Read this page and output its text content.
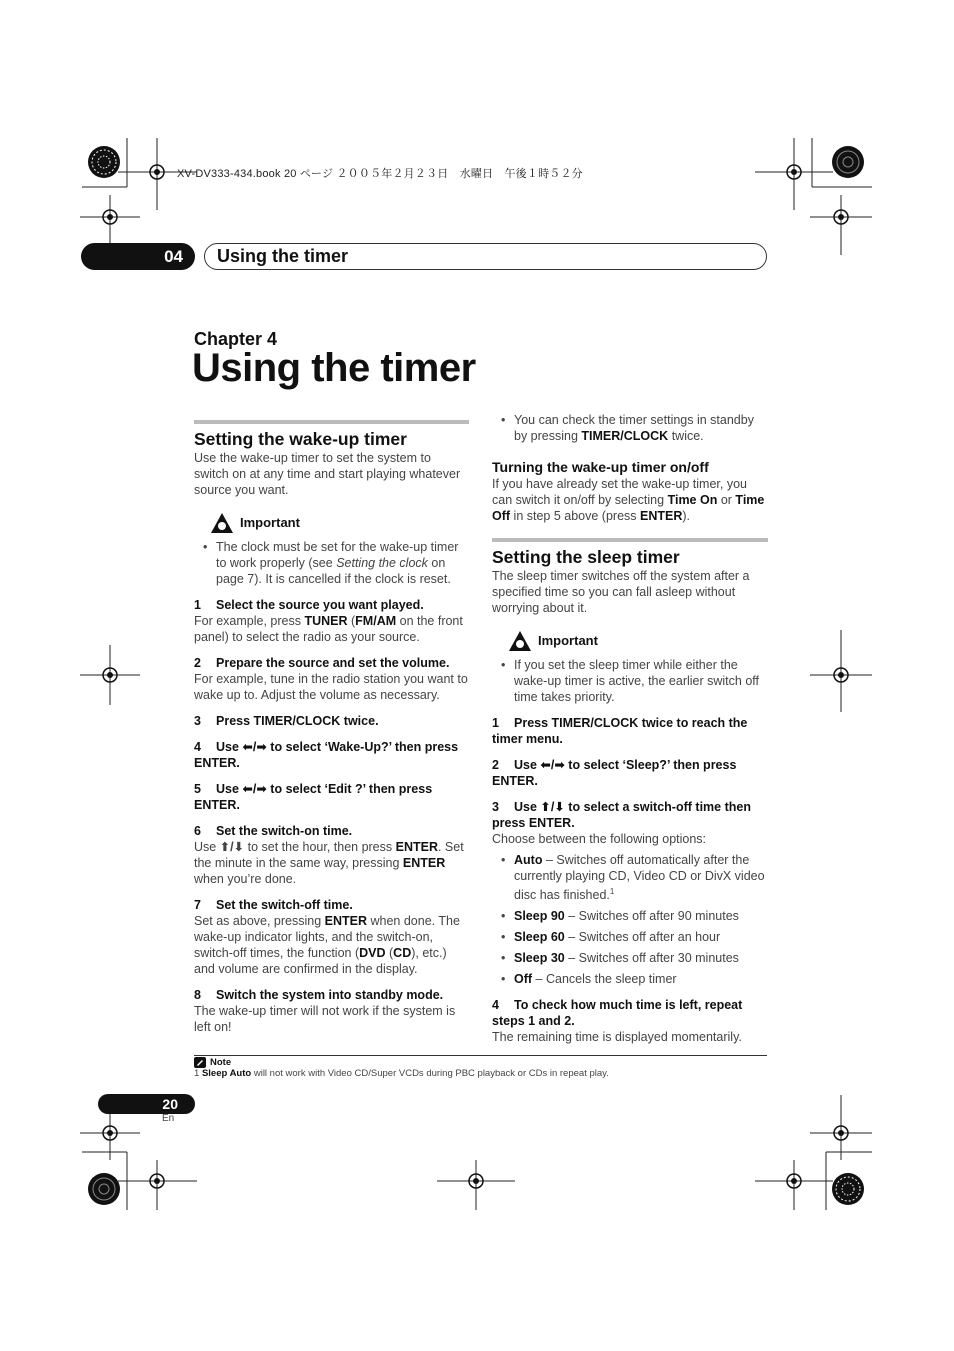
XV-DV333-434.book 20 ページ ２００５年２月２３日　水曜日　午後１時５２分
04	Using the timer
Chapter 4
Using the timer
Setting the wake-up timer

Use the wake-up timer to set the system to switch on at any time and start playing whatever source you want.

Important
• The clock must be set for the wake-up timer to work properly (see Setting the clock on page 7). It is cancelled if the clock is reset.
1 Select the source you want played.

For example, press TUNER (FM/AM on the front panel) to select the radio as your source.

2 Prepare the source and set the volume.

For example, tune in the radio station you want to wake up to. Adjust the volume as necessary.

3 Press TIMER/CLOCK twice.
4 Use ⬅/➡ to select ‘Wake-Up?’ then press ENTER.
5 Use ⬅/➡ to select ‘Edit ?’ then press ENTER.
6 Set the switch-on time.

Use ⬆/⬇ to set the hour, then press ENTER. Set the minute in the same way, pressing ENTER when you’re done.

7 Set the switch-off time.

Set as above, pressing ENTER when done. The wake-up indicator lights, and the switch-on, switch-off times, the function (DVD (CD), etc.) and volume are confirmed in the display.

8 Switch the system into standby mode.

The wake-up timer will not work if the system is left on!

• You can check the timer settings in standby by pressing TIMER/CLOCK twice.
Turning the wake-up timer on/off

If you have already set the wake-up timer, you can switch it on/off by selecting Time On or Time Off in step 5 above (press ENTER).

Setting the sleep timer

The sleep timer switches off the system after a specified time so you can fall asleep without worrying about it.

Important
• If you set the sleep timer while either the wake-up timer is active, the earlier switch off time takes priority.
1 Press TIMER/CLOCK twice to reach the timer menu.
2 Use ⬅/➡ to select ‘Sleep?’ then press ENTER.
3 Use ⬆/⬇ to select a switch-off time then press ENTER.

Choose between the following options:

• Auto – Switches off automatically after the currently playing CD, Video CD or DivX video disc has finished.$^1$
• Sleep 90 – Switches off after 90 minutes
• Sleep 60 – Switches off after an hour
• Sleep 30 – Switches off after 30 minutes
• Off – Cancels the sleep timer
4 To check how much time is left, repeat steps 1 and 2.

The remaining time is displayed momentarily.

Note
1 Sleep Auto will not work with Video CD/Super VCDs during PBC playback or CDs in repeat play.
20
En
